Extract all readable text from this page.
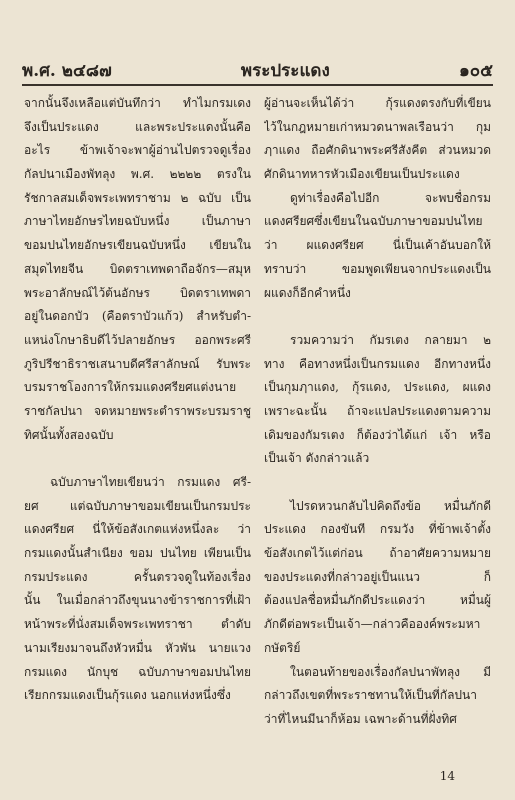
พ.ศ. ๒๔๘๗	พระประแดง	๑๐๕
จากนั้นจึงเหลือแต่บันทึกว่า ทำไมกรมเดง
จึงเป็นประแดง และพระประแดงนั้นคือ
อะไร ข้าพเจ้าจะพาผู้อ่านไปตรวจดูเรื่อง
กัลปนาเมืองพัทลุง พ.ศ. ๒๒๒๒ ตรงใน
รัชกาลสมเด็จพระเพทราชาม ๒ ฉบับ เป็น
ภาษาไทยอักษรไทยฉบับหนึ่ง เป็นภาษา
ขอมปนไทยอักษรเขียนฉบับหนึ่ง เขียนใน
สมุดไทยจีน บิดตราเทพดาถือจักร—สมุห
พระอาลักษณ์ไว้ต้นอักษร บิดตราเทพดา
อยู่ในดอกบัว (คือตราบัวแก้ว) สำหรับตำ-
แหน่งโกษาธิบดีไว้ปลายอักษร ออกพระศรี
ภูริปรีชาธิราชเสนาบดีศรีสาลักษณ์ รับพระ
บรมราชโองการให้กรมแดงศรียศแต่งนาย
ราชกัลปนา จดหมายพระตำราพระบรมราชู
ทิศนั้นทั้งสองฉบับ

ฉบับภาษาไทยเขียนว่า กรมแดง ศรี-
ยศ แต่ฉบับภาษาขอมเขียนเป็นกรมประ
แดงศรียศ นี่ให้ข้อสังเกตแห่งหนึ่งละ ว่า
กรมแดงนั้นสำเนียง ขอม ปนไทย เพียนเป็น
กรมประแดง ครั้นตรวจดูในท้องเรื่อง
นั้น ในเมื่อกล่าวถึงขุนนางข้าราชการที่เฝ้า
หน้าพระที่นั่งสมเด็จพระเพทราชา ตำดับ
นามเรียงมาจนถึงหัวหมื่น หัวพัน นายแวง
กรมแดง นักบุช ฉบับภาษาขอมปนไทย
เรียกกรมแดงเป็นกุ้รแดง นอกแห่งหนึ่งซึ่ง
ผู้อ่านจะเห็นได้ว่า กุ้รแดงตรงกับที่เขียน
ไว้ในกฎหมายเก่าหมวดนาพลเรือนว่า กุม
ฦาแดง ถือศักดินาพระศรีสังคีต ส่วนหมวด
ศักดินาทหารหัวเมืองเขียนเป็นประแดง
ดูท่าเรื่องคือไปอีก จะพบชื่อกรม
แดงศรียศซึ่งเขียนในฉบับภาษาขอมปนไทย
ว่า ผแดงศรียศ นี่เป็นเค้าอันบอกให้
ทราบว่า ขอมพูดเพียนจากประแดงเป็น
ผแดงก็อีกคำหนึ่ง

รวมความว่า กัมรเตง กลายมา ๒
ทาง คือทางหนึ่งเป็นกรมแดง อีกทางหนึ่ง
เป็นกุมฦาแดง, กุ้รแดง, ประแดง, ผแดง
เพราะฉะนั้น ถ้าจะแปลประแดงตามความ
เดิมของกัมรเตง ก็ต้องว่าได้แก่ เจ้า หรือ
เป็นเจ้า ดังกล่าวแล้ว

ไปรดหวนกลับไปคิดถึงข้อ หมื่นภักดี
ประแดง กองขันที กรมวัง ที่ข้าพเจ้าตั้ง
ข้อสังเกตไว้แต่ก่อน ถ้าอาศัยความหมาย
ของประแดงที่กล่าวอยู่เป็นแนว ก็
ต้องแปลชื่อหมื่นภักดีประแดงว่า หมื่นผู้
ภักดีต่อพระเป็นเจ้า—กล่าวคือองค์พระมหา
กษัตริย์
ในตอนท้ายของเรื่องกัลปนาพัทลุง มี
กล่าวถึงเขตที่พระราชทานให้เป็นที่กัลปนา
ว่าที่ไหนมีนาก็ห้อม เฉพาะด้านที่ฝั่งทิศ
14
